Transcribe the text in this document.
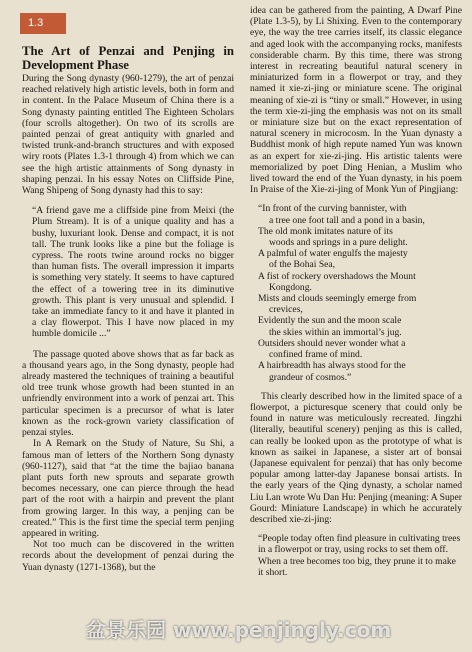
1.3
The Art of Penzai and Penjing in Development Phase

During the Song dynasty (960-1279), the art of penzai reached relatively high artistic levels, both in form and in content. In the Palace Museum of China there is a Song dynasty painting entitled The Eighteen Scholars (four scrolls altogether). On two of its scrolls are painted penzai of great antiquity with gnarled and twisted trunk-and-branch structures and with exposed wiry roots (Plates 1.3-1 through 4) from which we can see the high artistic attainments of Song dynasty in shaping penzai. In his essay Notes on Cliffside Pine, Wang Shipeng of Song dynasty had this to say:

“A friend gave me a cliffside pine from Meixi (the Plum Stream). It is of a unique quality and has a bushy, luxuriant look. Dense and compact, it is not tall. The trunk looks like a pine but the foliage is cypress. The roots twine around rocks no bigger than human fists. The overall impression it imparts is something very stately. It seems to have captured the effect of a towering tree in its diminutive growth. This plant is very unusual and splendid. I take an immediate fancy to it and have it planted in a clay flowerpot. This I have now placed in my humble domicile ...”

The passage quoted above shows that as far back as a thousand years ago, in the Song dynasty, people had already mastered the techniques of training a beautiful old tree trunk whose growth had been stunted in an unfriendly environment into a work of penzai art. This particular specimen is a precursor of what is later known as the rock-grown variety classification of penzai styles.

In A Remark on the Study of Nature, Su Shi, a famous man of letters of the Northern Song dynasty (960-1127), said that “at the time the bajiao banana plant puts forth new sprouts and separate growth becomes necessary, one can pierce through the head part of the root with a hairpin and prevent the plant from growing larger. In this way, a penjing can be created.” This is the first time the special term penjing appeared in writing.

Not too much can be discovered in the written records about the development of penzai during the Yuan dynasty (1271-1368), but the

idea can be gathered from the painting, A Dwarf Pine (Plate 1.3-5), by Li Shixing. Even to the contemporary eye, the way the tree carries itself, its classic elegance and aged look with the accompanying rocks, manifests considerable charm. By this time, there was strong interest in recreating beautiful natural scenery in miniaturized form in a flowerpot or tray, and they named it xie-zi-jing or miniature scene. The original meaning of xie-zi is “tiny or small.” However, in using the term xie-zi-jing the emphasis was not on its small or miniature size but on the exact representation of natural scenery in microcosm. In the Yuan dynasty a Buddhist monk of high repute named Yun was known as an expert for xie-zi-jing. His artistic talents were memorialized by poet Ding Henian, a Muslim who lived toward the end of the Yuan dynasty, in his poem In Praise of the Xie-zi-jing of Monk Yun of Pingjiang:

“In front of the curving bannister, with
a tree one foot tall and a pond in a basin,
The old monk imitates nature of its
woods and springs in a pure delight.
A palmful of water engulfs the majesty
of the Bohai Sea,
A fist of rockery overshadows the Mount
Kongdong.
Mists and clouds seemingly emerge from
crevices,
Evidently the sun and the moon scale
the skies within an immortal’s jug.
Outsiders should never wonder what a
confined frame of mind.
A hairbreadth has always stood for the
grandeur of cosmos.”

This clearly described how in the limited space of a flowerpot, a picturesque scenery that could only be found in nature was meticulously recreated. Jingzhi (literally, beautiful scenery) penjing as this is called, can really be looked upon as the prototype of what is known as saikei in Japanese, a sister art of bonsai (Japanese equivalent for penzai) that has only become popular among latter-day Japanese bonsai artists. In the early years of the Qing dynasty, a scholar named Liu Lan wrote Wu Dan Hu: Penjing (meaning: A Super Gourd: Miniature Landscape) in which he accurately described xie-zi-jing:

“People today often find pleasure in cultivating trees in a flowerpot or tray, using rocks to set them off. When a tree becomes too big, they prune it to make it short.

盆景乐园 www.penjingly.com
